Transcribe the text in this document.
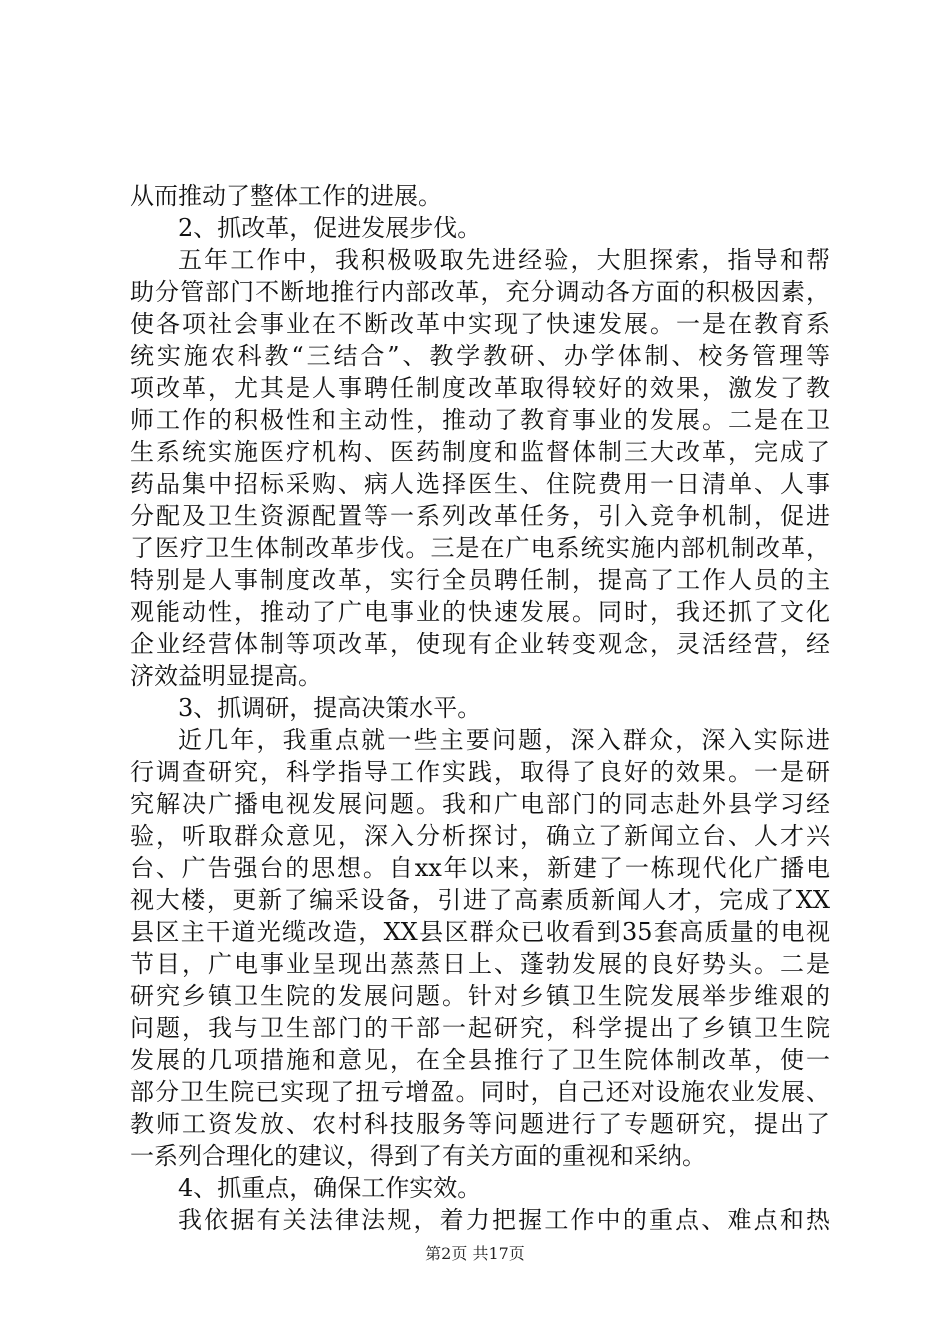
从而推动了整体工作的进展。
2、抓改革，促进发展步伐。
五年工作中，我积极吸取先进经验，大胆探索，指导和帮
助分管部门不断地推行内部改革，充分调动各方面的积极因素，
使各项社会事业在不断改革中实现了快速发展。一是在教育系
统实施农科教“三结合”、教学教研、办学体制、校务管理等
项改革，尤其是人事聘任制度改革取得较好的效果，激发了教
师工作的积极性和主动性，推动了教育事业的发展。二是在卫
生系统实施医疗机构、医药制度和监督体制三大改革，完成了
药品集中招标采购、病人选择医生、住院费用一日清单、人事
分配及卫生资源配置等一系列改革任务，引入竞争机制，促进
了医疗卫生体制改革步伐。三是在广电系统实施内部机制改革，
特别是人事制度改革，实行全员聘任制，提高了工作人员的主
观能动性，推动了广电事业的快速发展。同时，我还抓了文化
企业经营体制等项改革，使现有企业转变观念，灵活经营，经
济效益明显提高。
3、抓调研，提高决策水平。
近几年，我重点就一些主要问题，深入群众，深入实际进
行调查研究，科学指导工作实践，取得了良好的效果。一是研
究解决广播电视发展问题。我和广电部门的同志赴外县学习经
验，听取群众意见，深入分析探讨，确立了新闻立台、人才兴
台、广告强台的思想。自xx年以来，新建了一栋现代化广播电
视大楼，更新了编采设备，引进了高素质新闻人才，完成了XX
县区主干道光缆改造，XX县区群众已收看到35套高质量的电视
节目，广电事业呈现出蒸蒸日上、蓬勃发展的良好势头。二是
研究乡镇卫生院的发展问题。针对乡镇卫生院发展举步维艰的
问题，我与卫生部门的干部一起研究，科学提出了乡镇卫生院
发展的几项措施和意见，在全县推行了卫生院体制改革，使一
部分卫生院已实现了扭亏增盈。同时，自己还对设施农业发展、
教师工资发放、农村科技服务等问题进行了专题研究，提出了
一系列合理化的建议，得到了有关方面的重视和采纳。
4、抓重点，确保工作实效。
我依据有关法律法规，着力把握工作中的重点、难点和热
第2页 共17页
